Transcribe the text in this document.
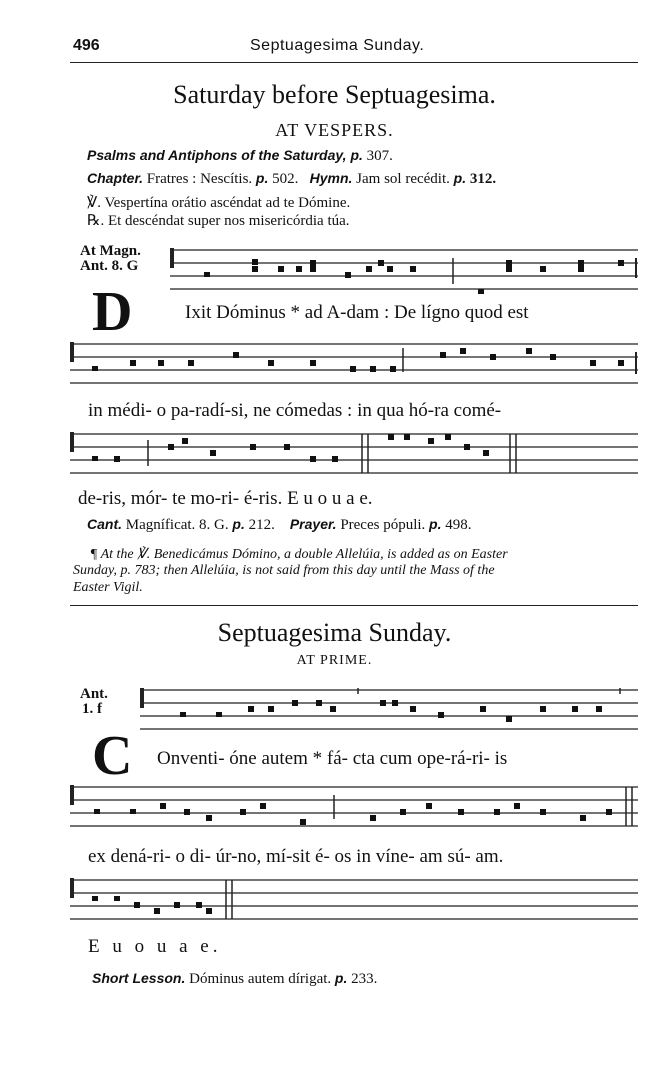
496	Septuagesima Sunday.
Saturday before Septuagesima.
AT VESPERS.
Psalms and Antiphons of the Saturday, p. 307.
Chapter. Fratres : Nescítis. p. 502. Hymn. Jam sol recédit. p. 312.
℣. Vespertína orátio ascéndat ad te Dómine.
℞. Et descéndat super nos misericórdia túa.
At Magn.
Ant. 8. G
D	Ixit Dóminus * ad A-dam : De lígno quod est
in médi- o pa-radí-si, ne cómedas : in qua hó-ra comé-
de-ris, mór- te mo-ri- é-ris. E u o u a e.
Cant. Magníficat. 8. G. p. 212. Prayer. Preces pópuli. p. 498.
¶ At the ℣. Benedicámus Dómino, a double Allelúia, is added as on Easter
Sunday, p. 783; then Allelúia, is not said from this day until the Mass of the
Easter Vigil.
Septuagesima Sunday.
AT PRIME.
Ant.
1. f
C Onventi- óne autem * fá- cta cum ope-rá-ri- is
ex dená-ri- o di- úr-no, mí-sit é- os in víne- am sú- am.
E u o u a e.
Short Lesson. Dóminus autem dírigat. p. 233.
